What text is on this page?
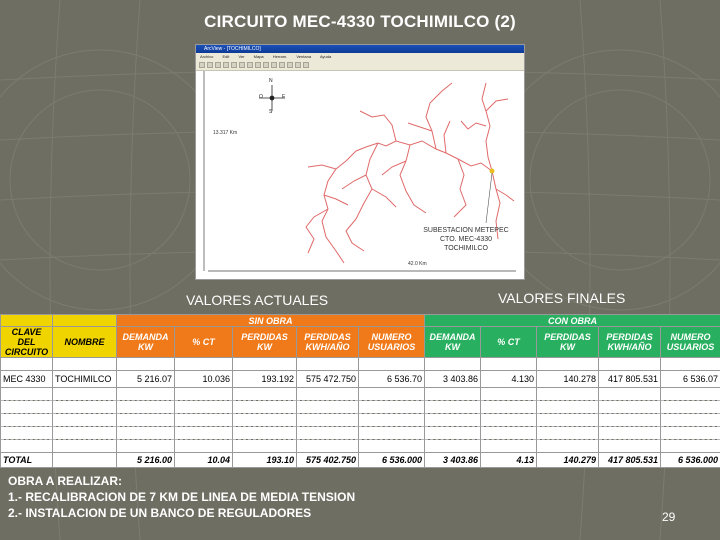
CIRCUITO MEC-4330 TOCHIMILCO (2)
ArcView - [TOCHIMILCO]
Archivo Edit Ver Mapa Herram. Ventana Ayuda
N
O	E
S
13.317 Km
42.0 Km
SUBESTACION METEPEC
CTO. MEC-4330
TOCHIMILCO
VALORES ACTUALES	VALORES FINALES
		SIN OBRA					CON OBRA				
CLAVE DEL CIRCUITO	NOMBRE	DEMANDA KW	% CT	PERDIDAS KW	PERDIDAS KWH/AÑO	NUMERO USUARIOS	DEMANDA KW	% CT	PERDIDAS KW	PERDIDAS KWH/AÑO	NUMERO USUARIOS

MEC 4330	TOCHIMILCO	5 216.07	10.036	193.192	575 472.750	6 536.70	3 403.86	4.130	140.278	417 805.531	6 536.07

TOTAL		5 216.00	10.04	193.10	575 402.750	6 536.000	3 403.86	4.13	140.279	417 805.531	6 536.000
OBRA A REALIZAR:
1.- RECALIBRACION DE 7 KM DE LINEA DE MEDIA TENSION
2.- INSTALACION DE UN BANCO DE REGULADORES	29
